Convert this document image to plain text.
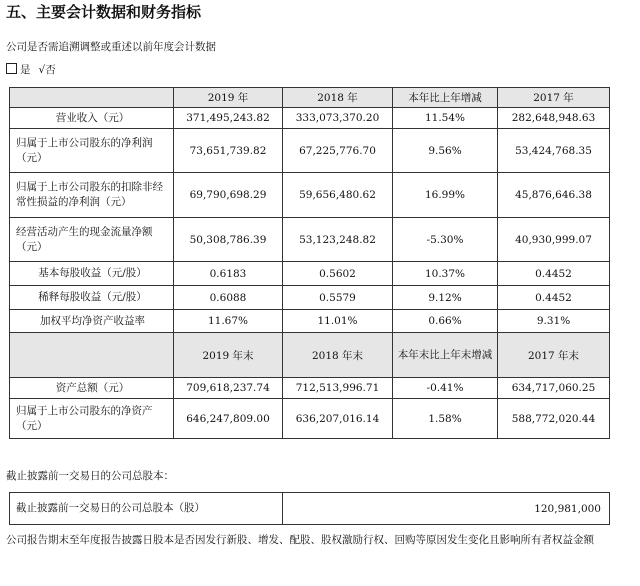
五、主要会计数据和财务指标
公司是否需追溯调整或重述以前年度会计数据
是 √否
	2019 年	2018 年	本年比上年增减	2017 年
营业收入（元）	371,495,243.82	333,073,370.20	11.54%	282,648,948.63
归属于上市公司股东的净利润（元）	73,651,739.82	67,225,776.70	9.56%	53,424,768.35
归属于上市公司股东的扣除非经常性损益的净利润（元）	69,790,698.29	59,656,480.62	16.99%	45,876,646.38
经营活动产生的现金流量净额（元）	50,308,786.39	53,123,248.82	-5.30%	40,930,999.07
基本每股收益（元/股）	0.6183	0.5602	10.37%	0.4452
稀释每股收益（元/股）	0.6088	0.5579	9.12%	0.4452
加权平均净资产收益率	11.67%	11.01%	0.66%	9.31%
	2019 年末	2018 年末	本年末比上年末增减	2017 年末
资产总额（元）	709,618,237.74	712,513,996.71	-0.41%	634,717,060.25
归属于上市公司股东的净资产（元）	646,247,809.00	636,207,016.14	1.58%	588,772,020.44
截止披露前一交易日的公司总股本：
截止披露前一交易日的公司总股本（股）	120,981,000
公司报告期末至年度报告披露日股本是否因发行新股、增发、配股、股权激励行权、回购等原因发生变化且影响所有者权益金额
